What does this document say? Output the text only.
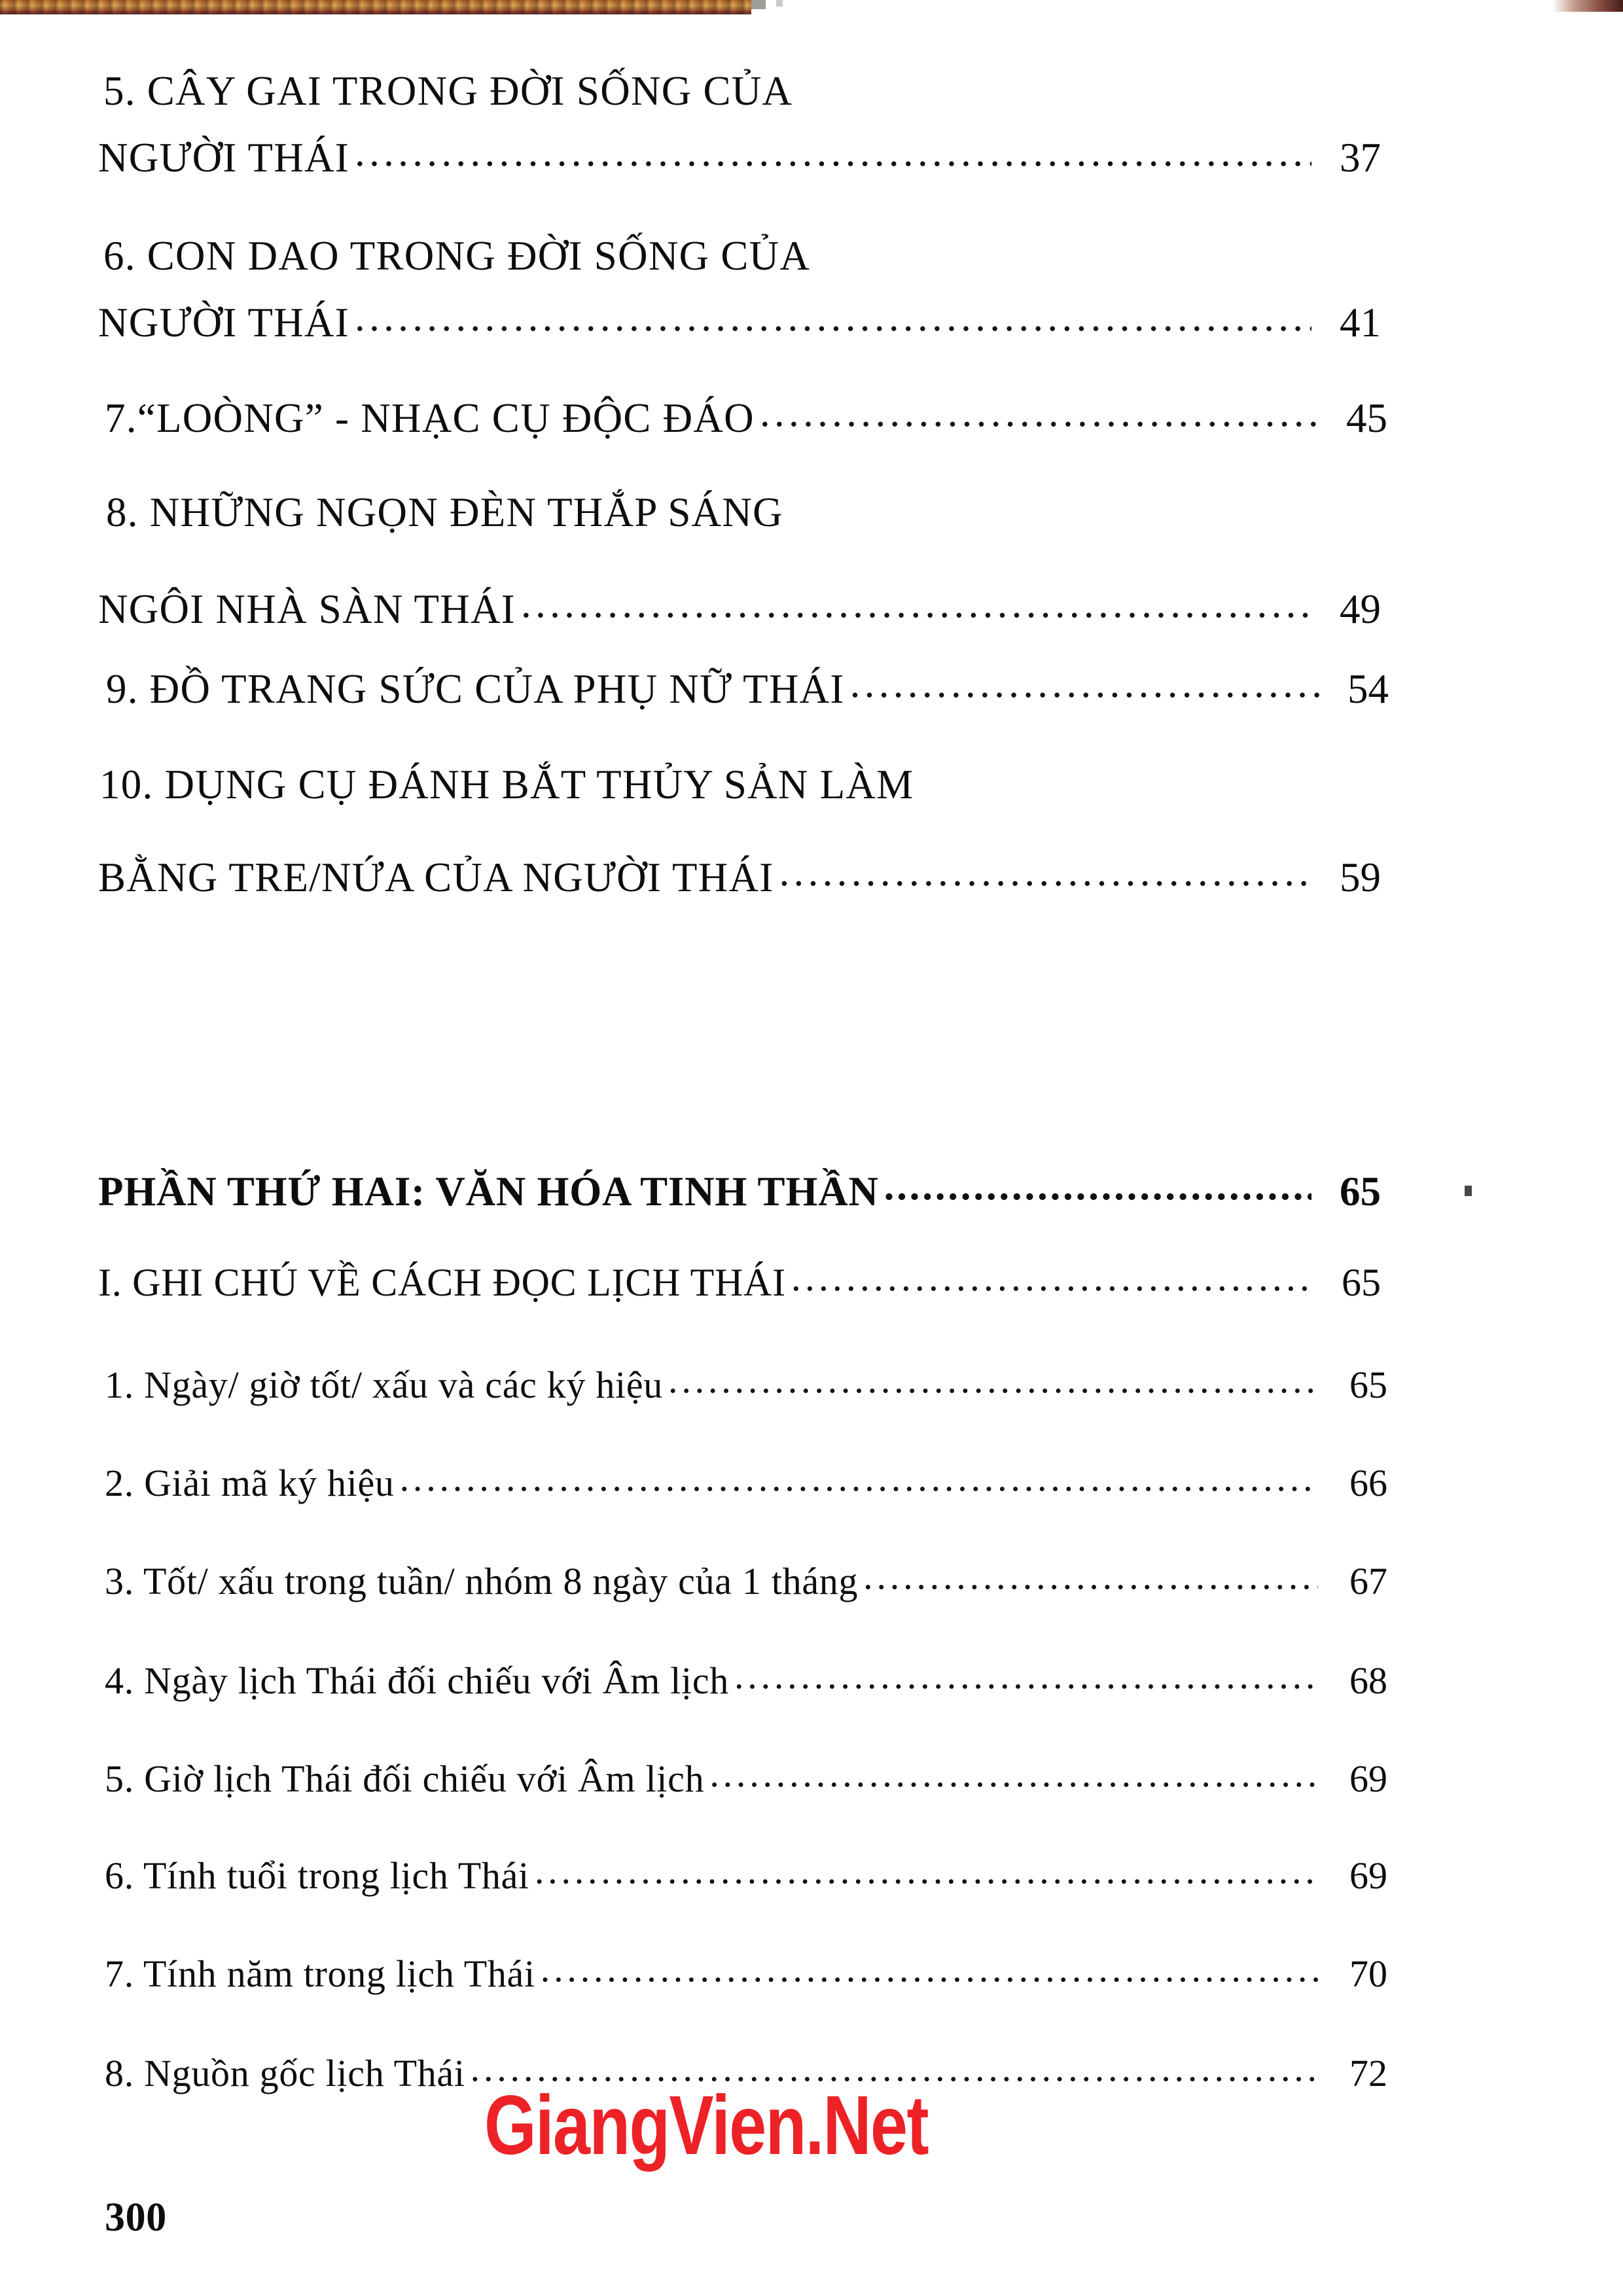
5. CÂY GAI TRONG ĐỜI SỐNG CỦA
NGƯỜI THÁI .....	37
6. CON DAO TRONG ĐỜI SỐNG CỦA
NGƯỜI THÁI .....	41
7.“LOÒNG” - NHẠC CỤ ĐỘC ĐÁO .....	45
8. NHỮNG NGỌN ĐÈN THẮP SÁNG
NGÔI NHÀ SÀN THÁI .....	49
9. ĐỒ TRANG SỨC CỦA PHỤ NỮ THÁI .....	54
10. DỤNG CỤ ĐÁNH BẮT THỦY SẢN LÀM
BẰNG TRE/NỨA CỦA NGƯỜI THÁI .....	59
PHẦN THỨ HAI: VĂN HÓA TINH THẦN .....	65
I. GHI CHÚ VỀ CÁCH ĐỌC LỊCH THÁI .....	65
1. Ngày/ giờ tốt/ xấu và các ký hiệu .....	65
2. Giải mã ký hiệu .....	66
3. Tốt/ xấu trong tuần/ nhóm 8 ngày của 1 tháng .....	67
4. Ngày lịch Thái đối chiếu với Âm lịch .....	68
5. Giờ lịch Thái đối chiếu với Âm lịch .....	69
6. Tính tuổi trong lịch Thái .....	69
7. Tính năm trong lịch Thái .....	70
8. Nguồn gốc lịch Thái .....	72
GiangVien.Net
300
